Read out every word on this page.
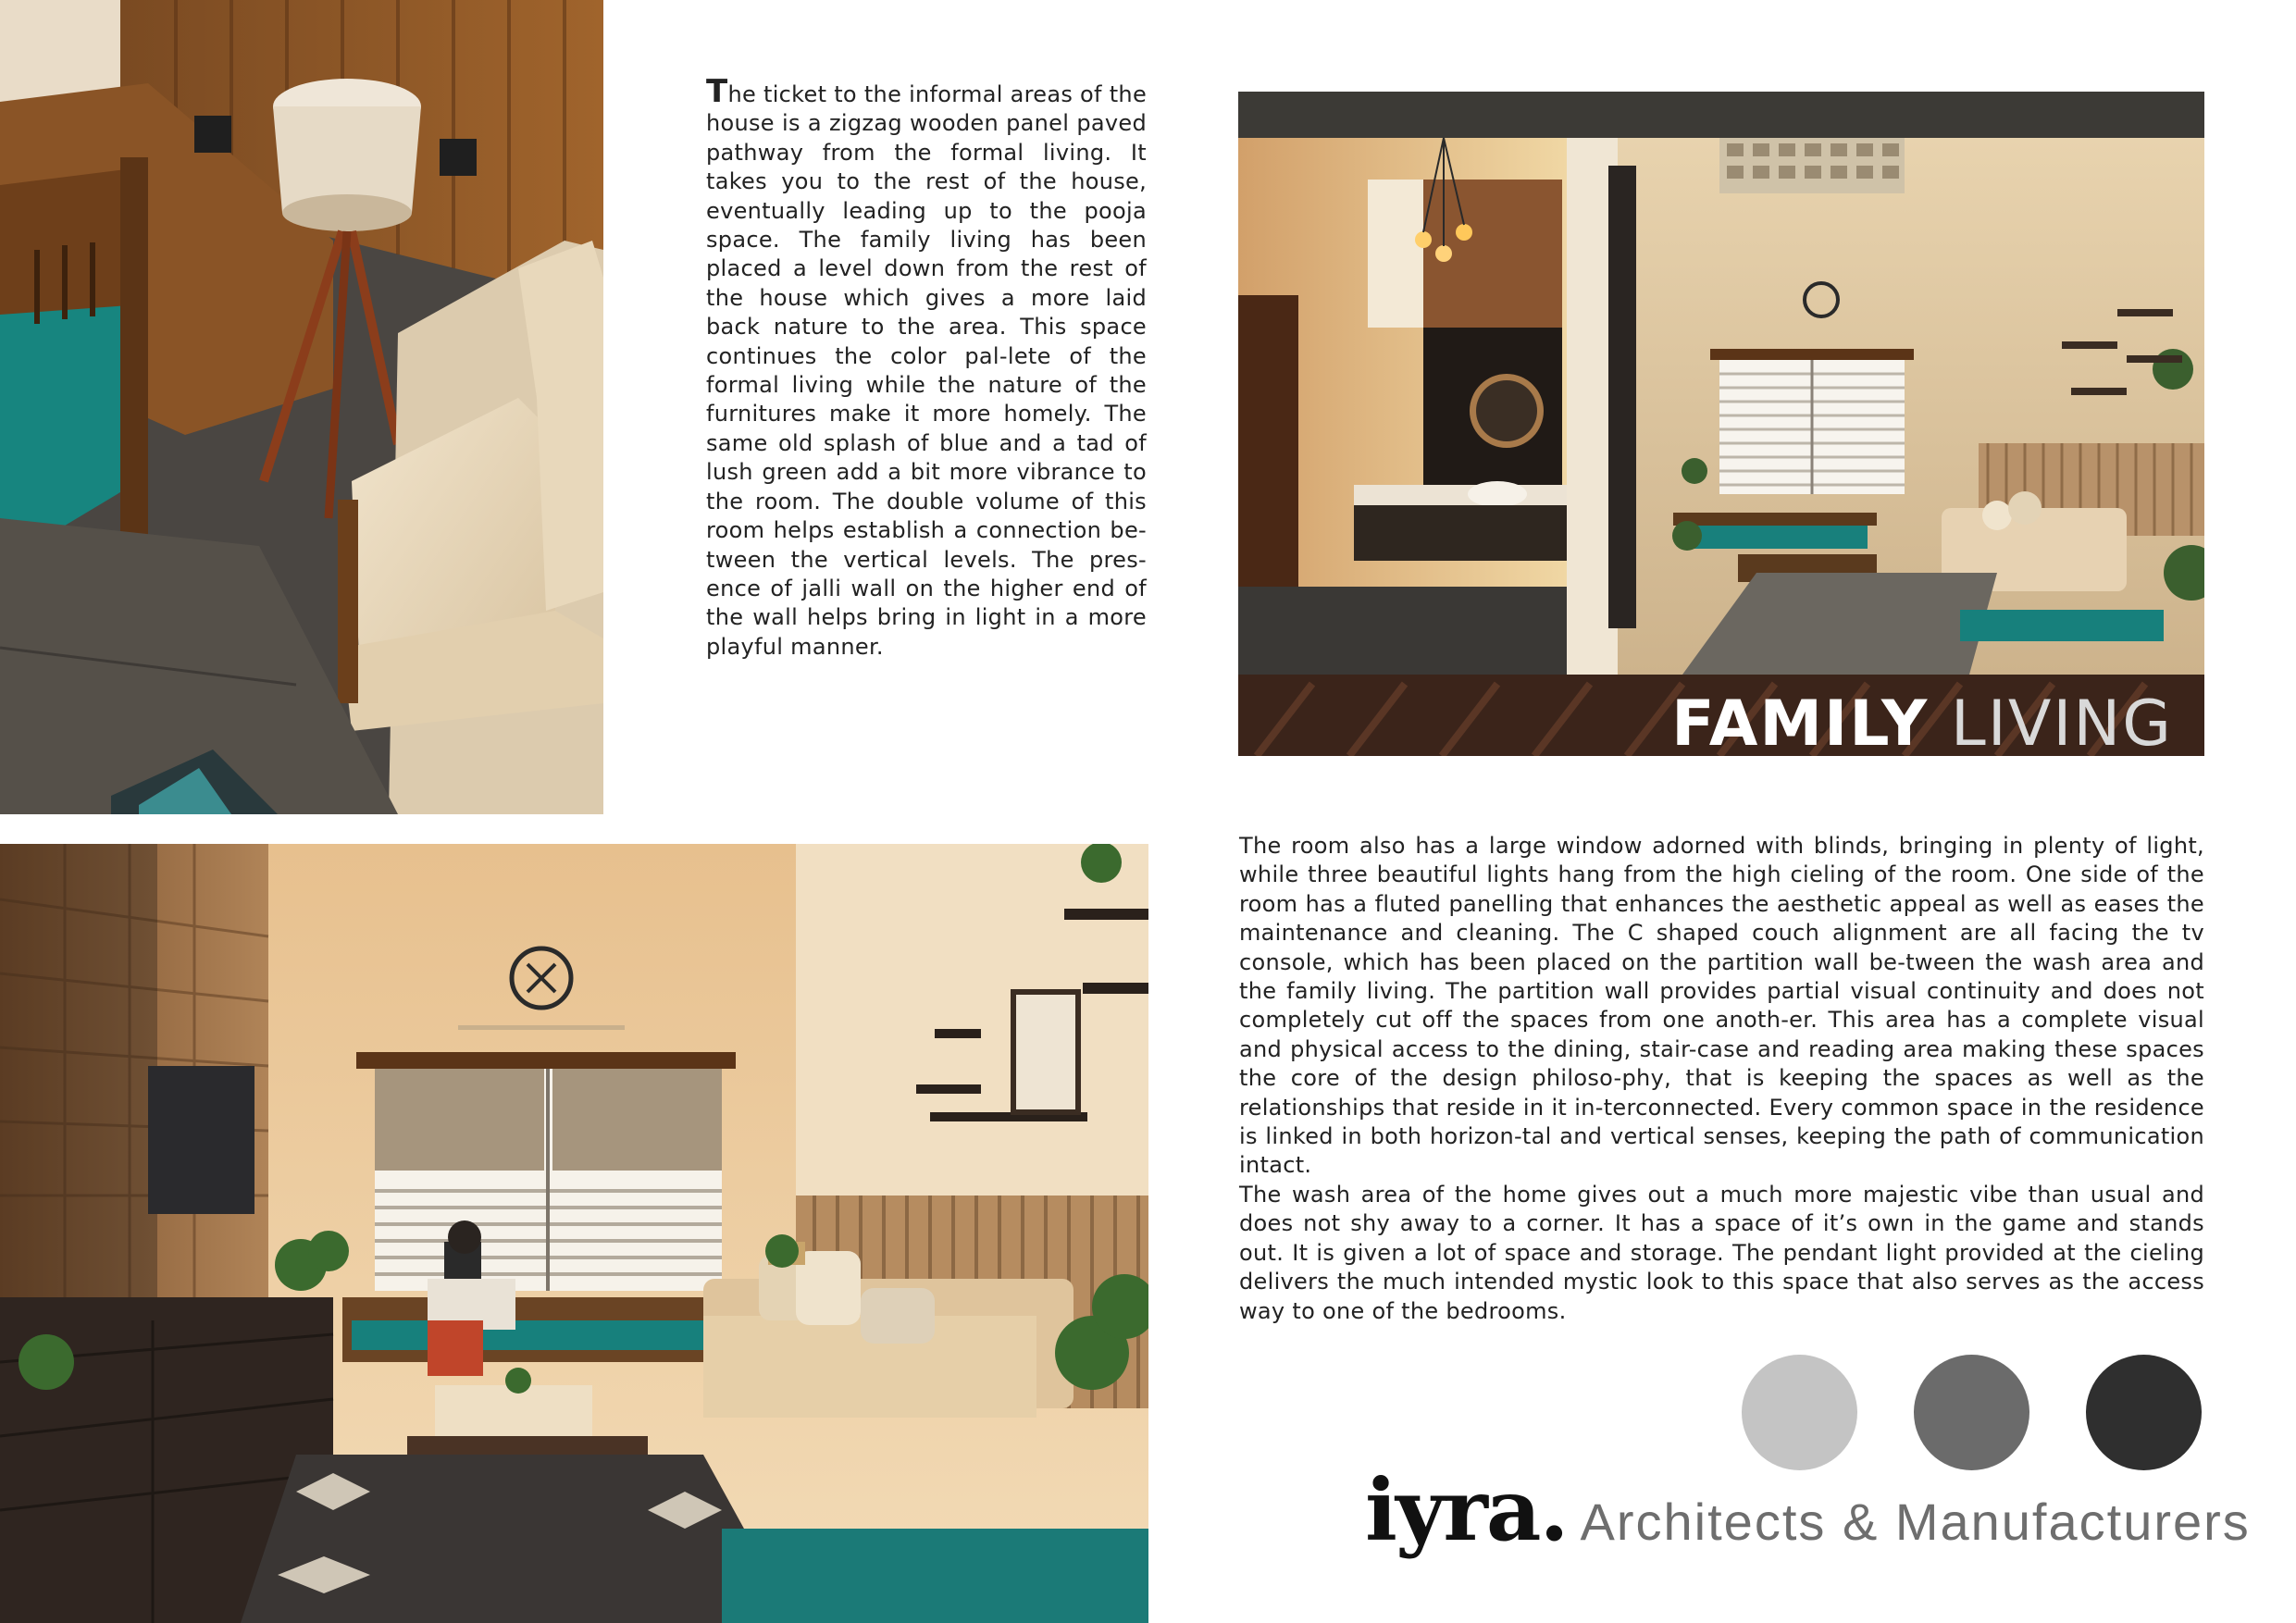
The ticket to the informal areas of the house is a zigzag wooden panel paved pathway from the formal living. It takes you to the rest of the house, eventually leading up to the pooja space. The family living has been placed a level down from the rest of the house which gives a more laid back nature to the area. This space continues the color pal-lete of the formal living while the nature of the furnitures make it more homely. The same old splash of blue and a tad of lush green add a bit more vibrance to the room. The double volume of this room helps establish a connection be-tween the vertical levels. The pres-ence of jalli wall on the higher end of the wall helps bring in light in a more playful manner.
FAMILY LIVING
The room also has a large window adorned with blinds, bringing in plenty of light, while three beautiful lights hang from the high cieling of the room. One side of the room has a fluted panelling that enhances the aesthetic appeal as well as eases the maintenance and cleaning. The C shaped couch alignment are all facing the tv console, which has been placed on the partition wall be-tween the wash area and the family living. The partition wall provides partial visual continuity and does not completely cut off the spaces from one anoth-er. This area has a complete visual and physical access to the dining, stair-case and reading area making these spaces the core of the design philoso-phy, that is keeping the spaces as well as the relationships that reside in it in-terconnected. Every common space in the residence is linked in both horizon-tal and vertical senses, keeping the path of communication intact.
The wash area of the home gives out a much more majestic vibe than usual and does not shy away to a corner. It has a space of it’s own in the game and stands out. It is given a lot of space and storage. The pendant light provided at the cieling delivers the much intended mystic look to this space that also serves as the access way to one of the bedrooms.
iyra. Architects & Manufacturers
